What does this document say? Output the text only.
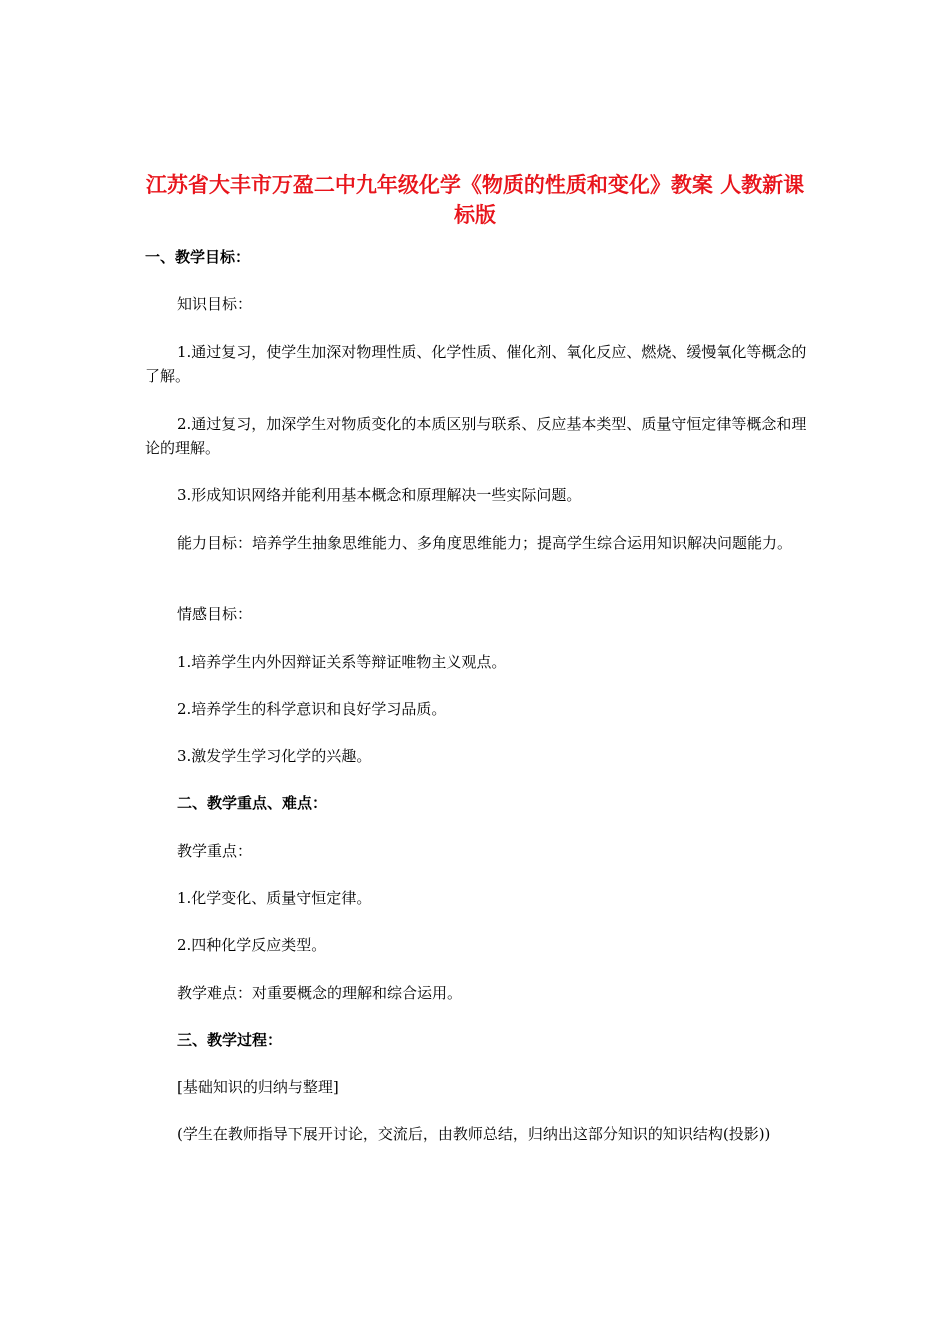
江苏省大丰市万盈二中九年级化学《物质的性质和变化》教案 人教新课标版

一、教学目标：

知识目标：

1.通过复习，使学生加深对物理性质、化学性质、催化剂、氧化反应、燃烧、缓慢氧化等概念的了解。

2.通过复习，加深学生对物质变化的本质区别与联系、反应基本类型、质量守恒定律等概念和理论的理解。

3.形成知识网络并能利用基本概念和原理解决一些实际问题。

能力目标：培养学生抽象思维能力、多角度思维能力；提高学生综合运用知识解决问题能力。

情感目标：

1.培养学生内外因辩证关系等辩证唯物主义观点。

2.培养学生的科学意识和良好学习品质。

3.激发学生学习化学的兴趣。

二、教学重点、难点：

教学重点：

1.化学变化、质量守恒定律。

2.四种化学反应类型。

教学难点：对重要概念的理解和综合运用。

三、教学过程：

[基础知识的归纳与整理]

(学生在教师指导下展开讨论，交流后，由教师总结，归纳出这部分知识的知识结构(投影))
